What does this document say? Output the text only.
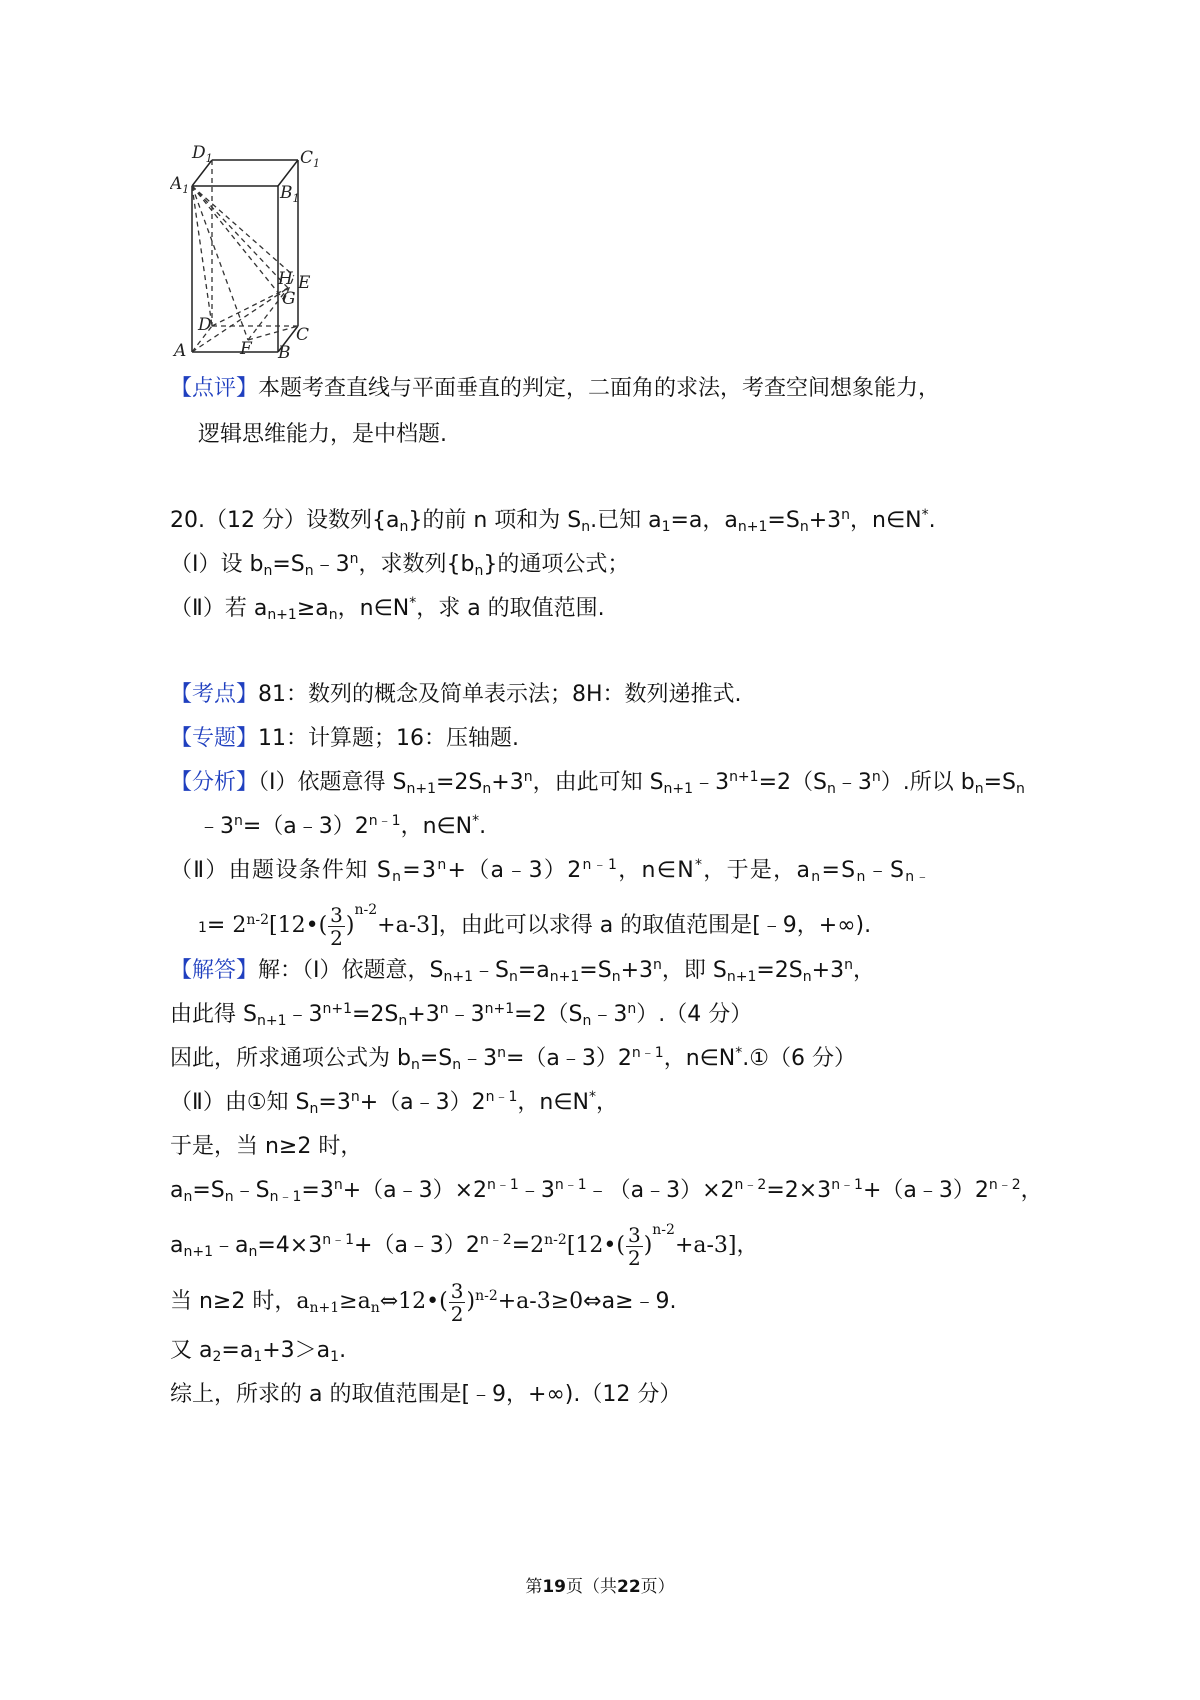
$D_1$	$C_1$
$A_1$	$B_1$
H E
G
D	C
A	F B
【点评】本题考查直线与平面垂直的判定，二面角的求法，考查空间想象能力，
逻辑思维能力，是中档题.
20.（12 分）设数列$\{a_n\}$的前 n 项和为 $S_n$.已知 $a_1=a$，$a_{n+1}=S_n+3^n$，n∈N*.
（Ⅰ）设 $b_n=S_n﹣3^n$，求数列$\{b_n\}$的通项公式；
（Ⅱ）若 $a_{n+1}\ge a_n$，n∈N*，求 a 的取值范围.
【考点】81：数列的概念及简单表示法；8H：数列递推式.
【专题】11：计算题；16：压轴题.
【分析】（Ⅰ）依题意得 $S_{n+1}=2S_n+3^n$，由此可知 $S_{n+1}﹣3^{n+1}=2(S_n﹣3^n)$.所以 $b_n=S_n$
$﹣3^n=(a﹣3)2^{n﹣1}$，n∈N*.
（Ⅱ）由题设条件知 $S_n=3^n+(a﹣3)2^{n﹣1}$，n∈N*，于是，$a_n=S_n﹣S_{n﹣}$
$1= 2^{n-2}[12•( \frac{3}{2} )^{n-2}+a-3]$，由此可以求得 a 的取值范围是[﹣9，+∞).
【解答】解：（Ⅰ）依题意，$S_{n+1}﹣S_n=a_{n+1}=S_n+3^n$，即 $S_{n+1}=2S_n+3^n$，
由此得 $S_{n+1}﹣3^{n+1}=2S_n+3^n﹣3^{n+1}=2(S_n﹣3^n).(4$ 分）
因此，所求通项公式为 $b_n=S_n﹣3^n=(a﹣3)2^{n﹣1}$，n∈N*.①（6 分）
（Ⅱ）由①知 $S_n=3^n+(a﹣3)2^{n﹣1}$，n∈N*，
于是，当 n≥2 时，
$a_n=S_n﹣S_{n﹣1}=3^n+(a﹣3)\times 2^{n﹣1}﹣3^{n﹣1}﹣(a﹣3)\times 2^{n﹣2}=2\times 3^{n﹣1}+(a﹣3)2^{n﹣2}$，
$a_{n+1}﹣a_n=4\times 3^{n﹣1}+(a﹣3)2^{n﹣2}=2^{n-2}[12•( \frac{3}{2} )^{n-2}+a-3]$，
当 n≥2 时，$a_{n+1}\ge a_n\Leftrightarrow 12•( \frac{3}{2}$ )$^{n-2}$+a-3≥0⇔a≥﹣9.
又 $a_2=a_1+3>a_1$.
综上，所求的 a 的取值范围是[﹣9，+∞).（12 分）
第19页（共22页）
